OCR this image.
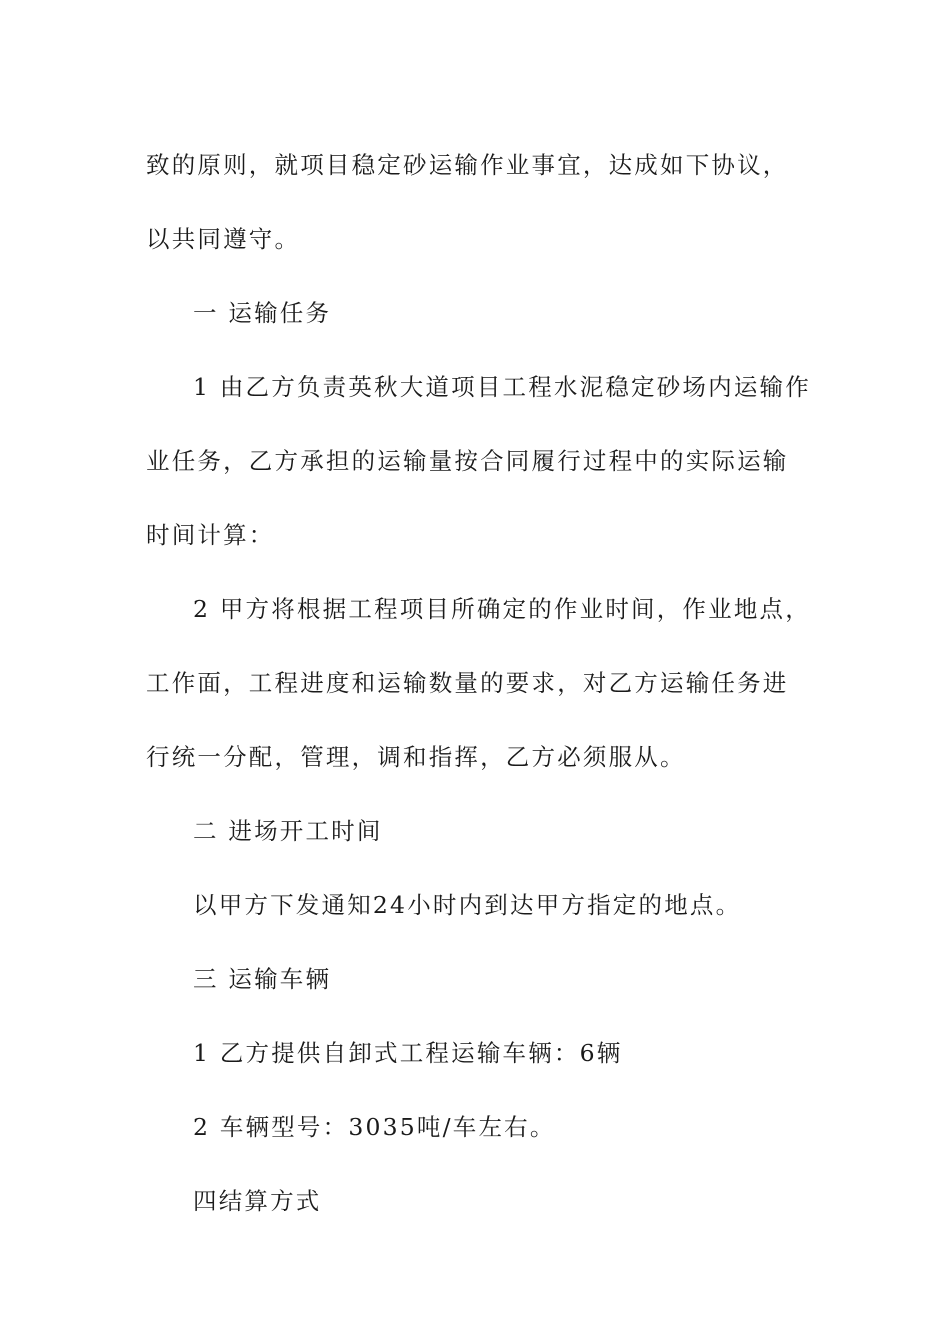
致的原则，就项目稳定砂运输作业事宜，达成如下协议，以共同遵守。

一 运输任务

1 由乙方负责英秋大道项目工程水泥稳定砂场内运输作业任务，乙方承担的运输量按合同履行过程中的实际运输时间计算：

2 甲方将根据工程项目所确定的作业时间，作业地点，工作面，工程进度和运输数量的要求，对乙方运输任务进行统一分配，管理，调和指挥，乙方必须服从。

二 进场开工时间

以甲方下发通知24小时内到达甲方指定的地点。

三 运输车辆

1 乙方提供自卸式工程运输车辆：6辆

2 车辆型号：3035吨/车左右。

四结算方式
